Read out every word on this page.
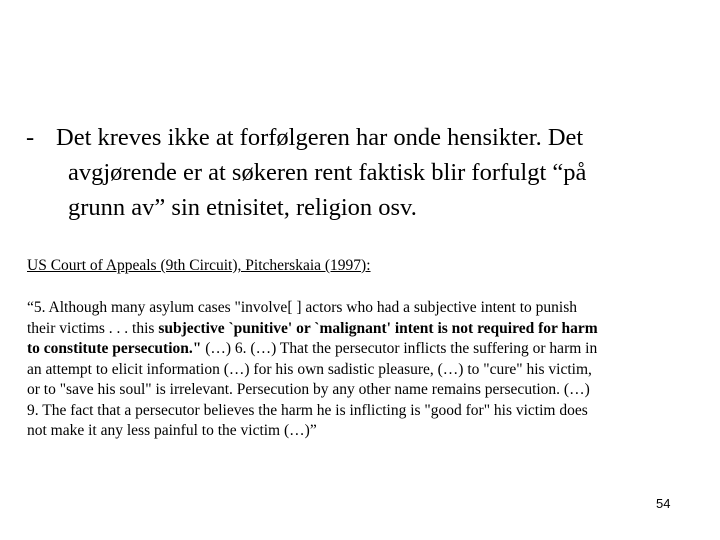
- Det kreves ikke at forfølgeren har onde hensikter. Det
avgjørende er at søkeren rent faktisk blir forfulgt “på
grunn av” sin etnisitet, religion osv.
US Court of Appeals (9th Circuit), Pitcherskaia (1997):
“5. Although many asylum cases "involve[ ] actors who had a subjective intent to punish
their victims . . . this subjective `punitive' or `malignant' intent is not required for harm
to constitute persecution." (…) 6. (…) That the persecutor inflicts the suffering or harm in
an attempt to elicit information (…) for his own sadistic pleasure, (…) to "cure" his victim,
or to "save his soul" is irrelevant. Persecution by any other name remains persecution. (…)
9. The fact that a persecutor believes the harm he is inflicting is "good for" his victim does
not make it any less painful to the victim (…)”
54
